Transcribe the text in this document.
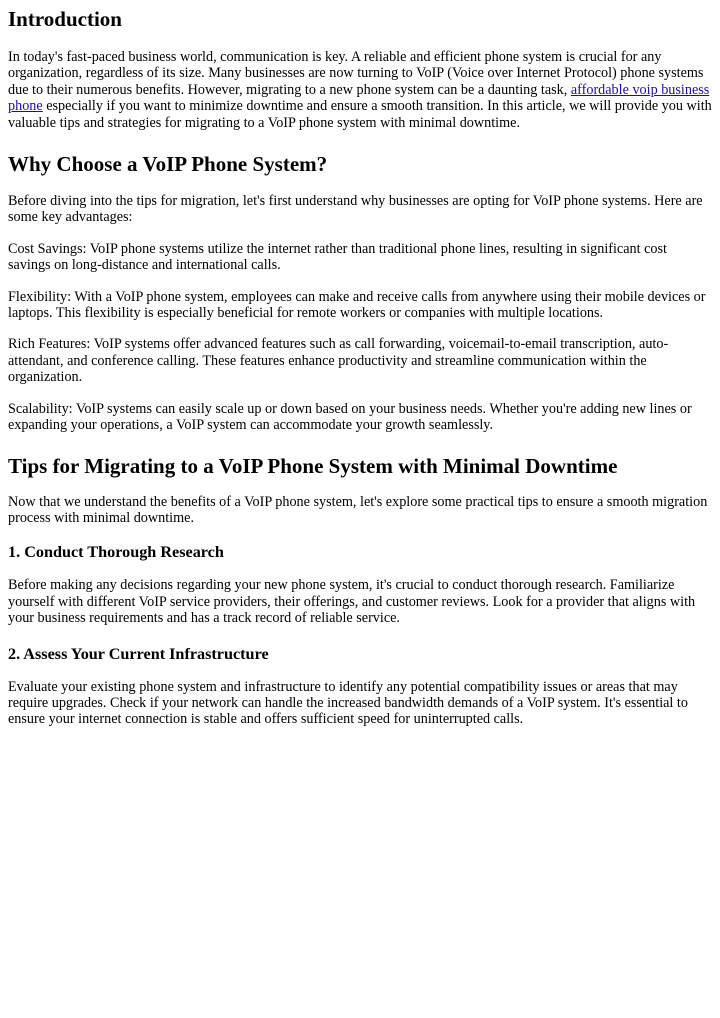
Introduction

In today's fast-paced business world, communication is key. A reliable and efficient phone system is crucial for any organization, regardless of its size. Many businesses are now turning to VoIP (Voice over Internet Protocol) phone systems due to their numerous benefits. However, migrating to a new phone system can be a daunting task, affordable voip business phone especially if you want to minimize downtime and ensure a smooth transition. In this article, we will provide you with valuable tips and strategies for migrating to a VoIP phone system with minimal downtime.

Why Choose a VoIP Phone System?

Before diving into the tips for migration, let's first understand why businesses are opting for VoIP phone systems. Here are some key advantages:

Cost Savings: VoIP phone systems utilize the internet rather than traditional phone lines, resulting in significant cost savings on long-distance and international calls.

Flexibility: With a VoIP phone system, employees can make and receive calls from anywhere using their mobile devices or laptops. This flexibility is especially beneficial for remote workers or companies with multiple locations.

Rich Features: VoIP systems offer advanced features such as call forwarding, voicemail-to-email transcription, auto-attendant, and conference calling. These features enhance productivity and streamline communication within the organization.

Scalability: VoIP systems can easily scale up or down based on your business needs. Whether you're adding new lines or expanding your operations, a VoIP system can accommodate your growth seamlessly.

Tips for Migrating to a VoIP Phone System with Minimal Downtime

Now that we understand the benefits of a VoIP phone system, let's explore some practical tips to ensure a smooth migration process with minimal downtime.

1. Conduct Thorough Research

Before making any decisions regarding your new phone system, it's crucial to conduct thorough research. Familiarize yourself with different VoIP service providers, their offerings, and customer reviews. Look for a provider that aligns with your business requirements and has a track record of reliable service.

2. Assess Your Current Infrastructure

Evaluate your existing phone system and infrastructure to identify any potential compatibility issues or areas that may require upgrades. Check if your network can handle the increased bandwidth demands of a VoIP system. It's essential to ensure your internet connection is stable and offers sufficient speed for uninterrupted calls.
